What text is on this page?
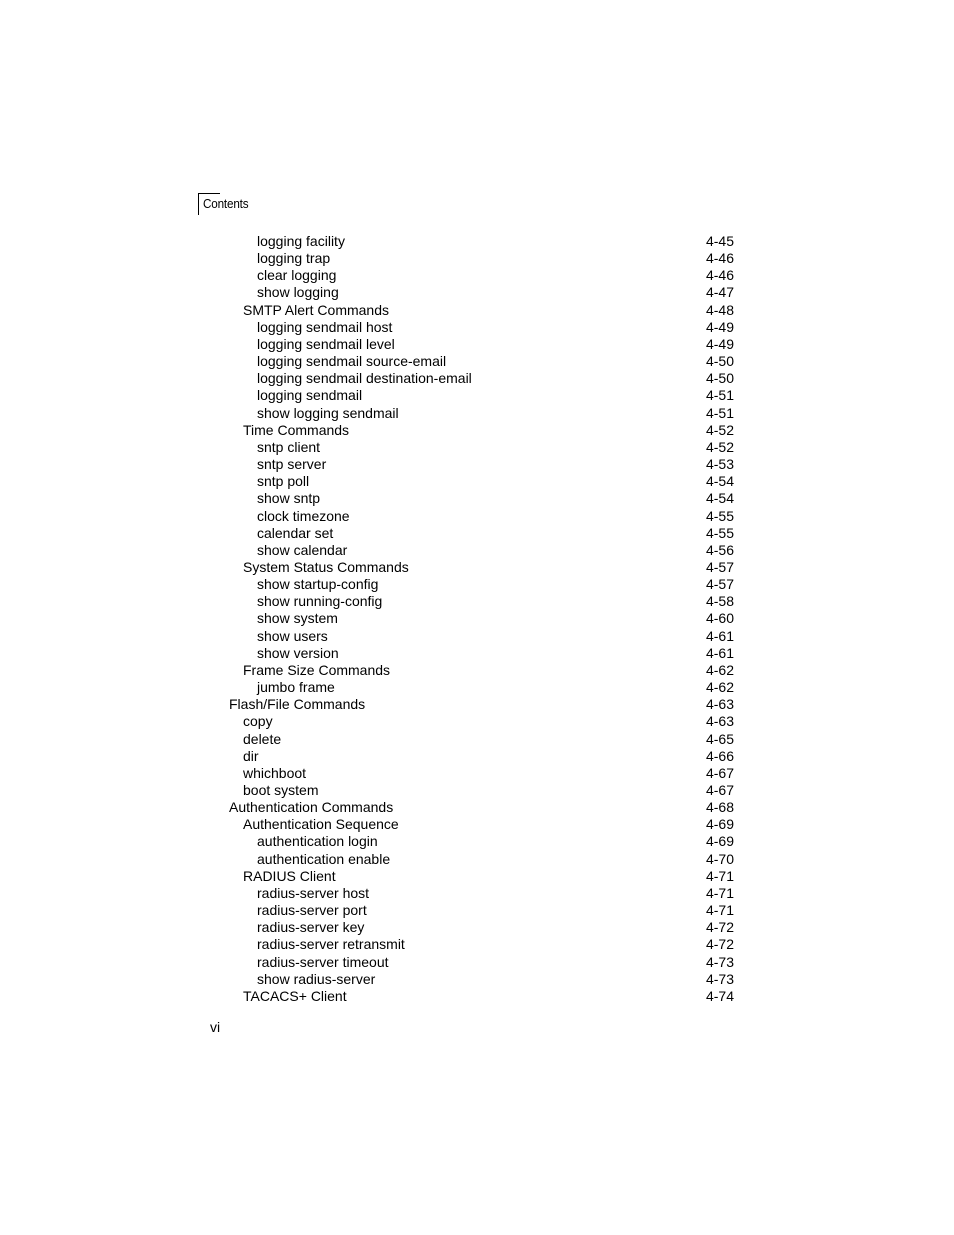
Contents
logging facility	4-45
logging trap	4-46
clear logging	4-46
show logging	4-47
SMTP Alert Commands	4-48
logging sendmail host	4-49
logging sendmail level	4-49
logging sendmail source-email	4-50
logging sendmail destination-email	4-50
logging sendmail	4-51
show logging sendmail	4-51
Time Commands	4-52
sntp client	4-52
sntp server	4-53
sntp poll	4-54
show sntp	4-54
clock timezone	4-55
calendar set	4-55
show calendar	4-56
System Status Commands	4-57
show startup-config	4-57
show running-config	4-58
show system	4-60
show users	4-61
show version	4-61
Frame Size Commands	4-62
jumbo frame	4-62
Flash/File Commands	4-63
copy	4-63
delete	4-65
dir	4-66
whichboot	4-67
boot system	4-67
Authentication Commands	4-68
Authentication Sequence	4-69
authentication login	4-69
authentication enable	4-70
RADIUS Client	4-71
radius-server host	4-71
radius-server port	4-71
radius-server key	4-72
radius-server retransmit	4-72
radius-server timeout	4-73
show radius-server	4-73
TACACS+ Client	4-74
vi
